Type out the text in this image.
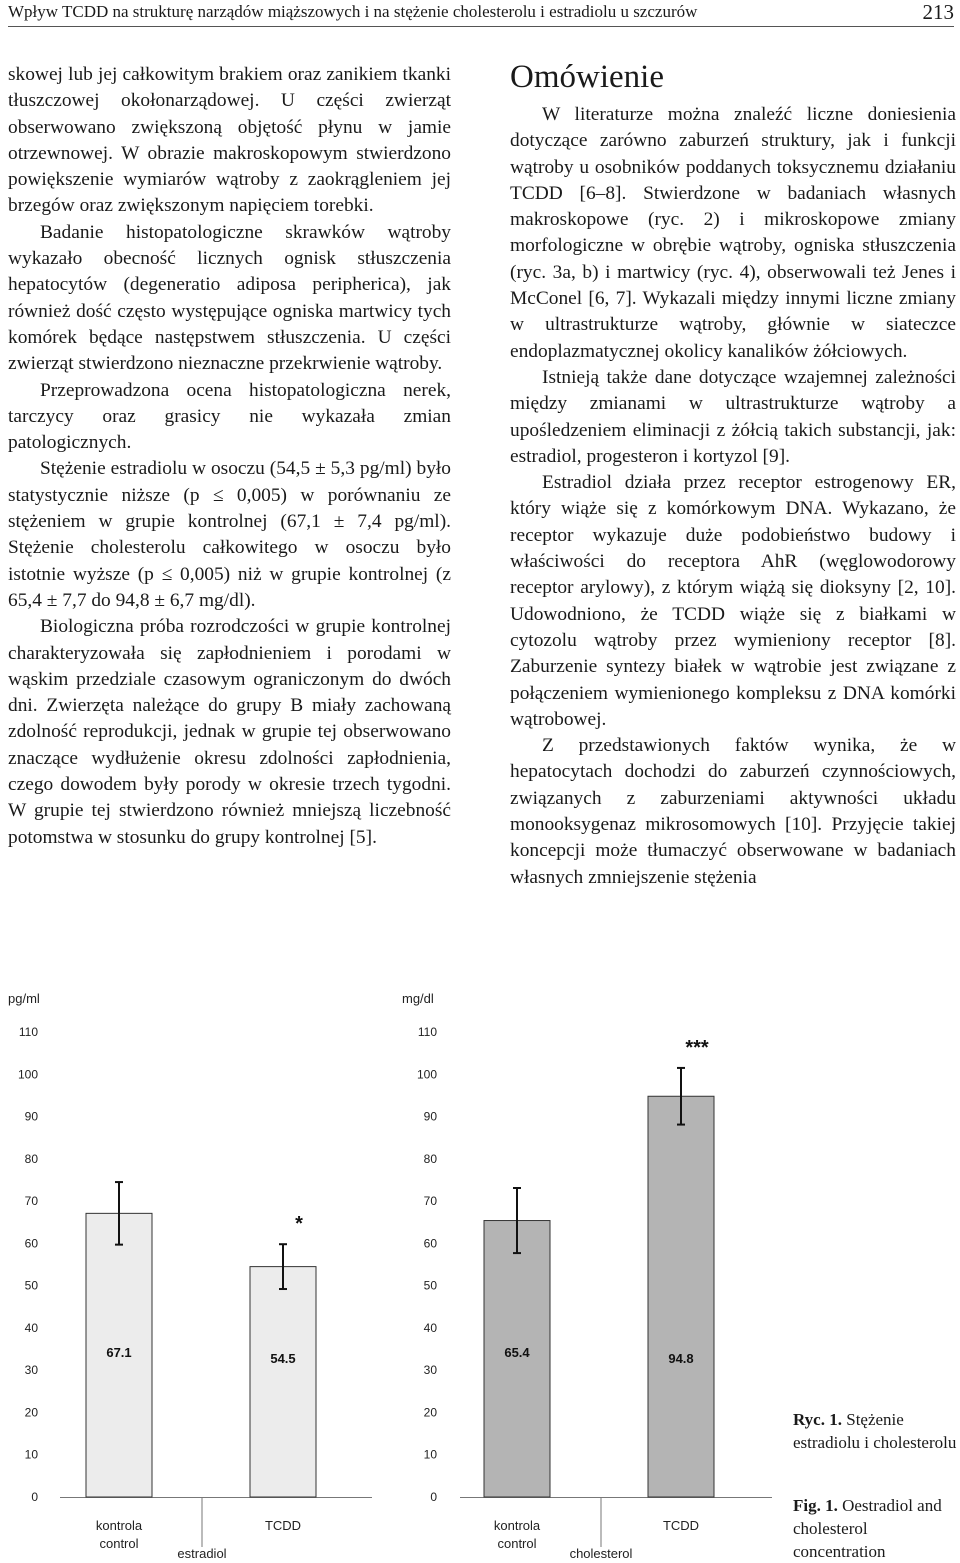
Wpływ TCDD na strukturę narządów miąższowych i na stężenie cholesterolu i estradiolu u szczurów	213

skowej lub jej całkowitym brakiem oraz zanikiem tkanki tłuszczowej okołonarządowej. U części zwierząt obserwowano zwiększoną objętość płynu w jamie otrzewnowej. W obrazie makroskopowym stwierdzono powiększenie wymiarów wątroby z zaokrągleniem jej brzegów oraz zwiększonym napięciem torebki.

Badanie histopatologiczne skrawków wątroby wykazało obecność licznych ognisk stłuszczenia hepatocytów (degeneratio adiposa peripherica), jak również dość często występujące ogniska martwicy tych komórek będące następstwem stłuszczenia. U części zwierząt stwierdzono nieznaczne przekrwienie wątroby.

Przeprowadzona ocena histopatologiczna nerek, tarczycy oraz grasicy nie wykazała zmian patologicznych.

Stężenie estradiolu w osoczu (54,5 ± 5,3 pg/ml) było statystycznie niższe (p ≤ 0,005) w porównaniu ze stężeniem w grupie kontrolnej (67,1 ± 7,4 pg/ml). Stężenie cholesterolu całkowitego w osoczu było istotnie wyższe (p ≤ 0,005) niż w grupie kontrolnej (z 65,4 ± 7,7 do 94,8 ± 6,7 mg/dl).

Biologiczna próba rozrodczości w grupie kontrolnej charakteryzowała się zapłodnieniem i porodami w wąskim przedziale czasowym ograniczonym do dwóch dni. Zwierzęta należące do grupy B miały zachowaną zdolność reprodukcji, jednak w grupie tej obserwowano znaczące wydłużenie okresu zdolności zapłodnienia, czego dowodem były porody w okresie trzech tygodni. W grupie tej stwierdzono również mniejszą liczebność potomstwa w stosunku do grupy kontrolnej [5].

Omówienie

W literaturze można znaleźć liczne doniesienia dotyczące zarówno zaburzeń struktury, jak i funkcji wątroby u osobników poddanych toksycznemu działaniu TCDD [6–8]. Stwierdzone w badaniach własnych makroskopowe (ryc. 2) i mikroskopowe zmiany morfologiczne w obrębie wątroby, ogniska stłuszczenia (ryc. 3a, b) i martwicy (ryc. 4), obserwowali też Jenes i McConel [6, 7]. Wykazali między innymi liczne zmiany w ultrastrukturze wątroby, głównie w siateczce endoplazmatycznej okolicy kanalików żółciowych.

Istnieją także dane dotyczące wzajemnej zależności między zmianami w ultrastrukturze wątroby a upośledzeniem eliminacji z żółcią takich substancji, jak: estradiol, progesteron i kortyzol [9].

Estradiol działa przez receptor estrogenowy ER, który wiąże się z komórkowym DNA. Wykazano, że receptor wykazuje duże podobieństwo budowy i właściwości do receptora AhR (węglowodorowy receptor arylowy), z którym wiążą się dioksyny [2, 10]. Udowodniono, że TCDD wiąże się z białkami w cytozolu wątroby przez wymieniony receptor [8]. Zaburzenie syntezy białek w wątrobie jest związane z połączeniem wymienionego kompleksu z DNA komórki wątrobowej.

Z przedstawionych faktów wynika, że w hepatocytach dochodzi do zaburzeń czynnościowych, związanych z zaburzeniami aktywności układu monooksygenaz mikrosomowych [10]. Przyjęcie takiej koncepcji może tłumaczyć obserwowane w badaniach własnych zmniejszenie stężenia

pg/ml
0
10
20
30
40
50
60
70
80
90
100
110
67.1
kontrola
control
54.5
*
TCDD
estradiol
mg/dl
0
10
20
30
40
50
60
70
80
90
100
110
65.4
kontrola
control
94.8
***
TCDD
cholesterol
Ryc. 1. Stężenie estradiolu i cholesterolu
Fig. 1. Oestradiol and cholesterol concentration
